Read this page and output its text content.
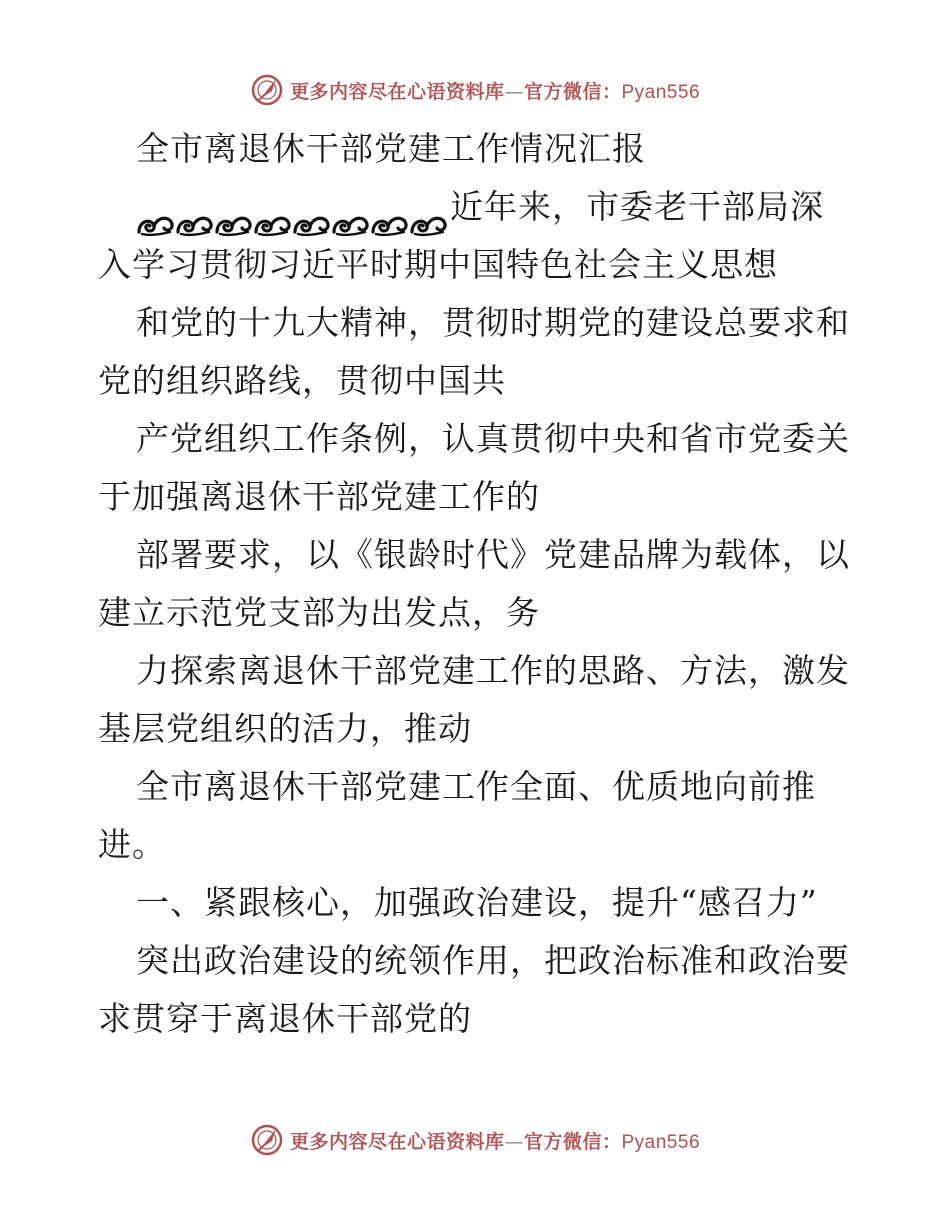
更多内容尽在心语资料库—官方微信：Pyan556
全市离退休干部党建工作情况汇报
近年来，市委老干部局深
入学习贯彻习近平时期中国特色社会主义思想
和党的十九大精神，贯彻时期党的建设总要求和
党的组织路线，贯彻中国共
产党组织工作条例，认真贯彻中央和省市党委关
于加强离退休干部党建工作的
部署要求，以《银龄时代》党建品牌为载体，以
建立示范党支部为出发点，务
力探索离退休干部党建工作的思路、方法，激发
基层党组织的活力，推动
全市离退休干部党建工作全面、优质地向前推
进。
一、紧跟核心，加强政治建设，提升“感召力”
突出政治建设的统领作用，把政治标准和政治要
求贯穿于离退休干部党的
更多内容尽在心语资料库—官方微信：Pyan556
